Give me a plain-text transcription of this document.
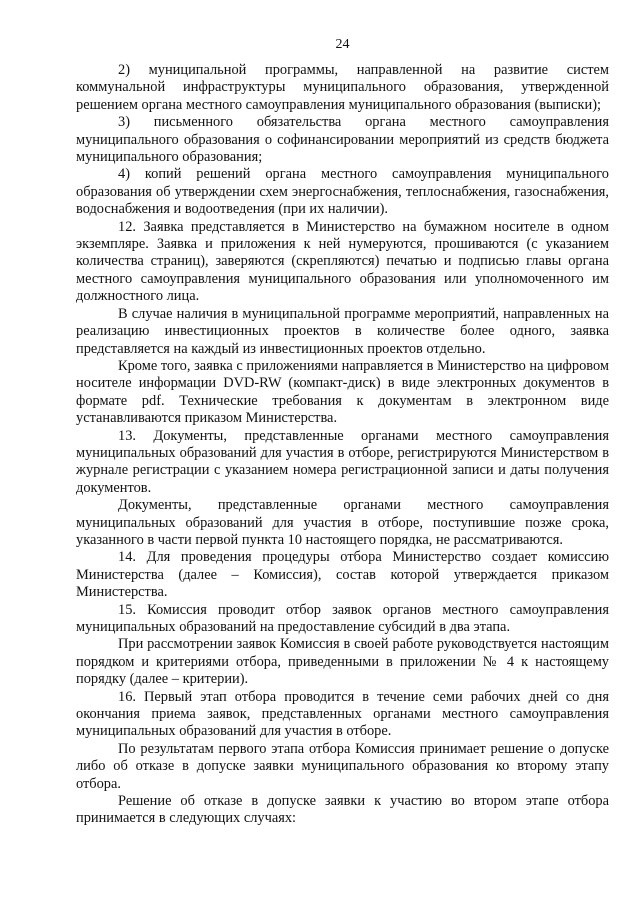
24

2) муниципальной программы, направленной на развитие систем коммунальной инфраструктуры муниципального образования, утвержденной решением органа местного самоуправления муниципального образования (выписки);

3) письменного обязательства органа местного самоуправления муниципального образования о софинансировании мероприятий из средств бюджета муниципального образования;

4) копий решений органа местного самоуправления муниципального образования об утверждении схем энергоснабжения, теплоснабжения, газоснабжения, водоснабжения и водоотведения (при их наличии).

12. Заявка представляется в Министерство на бумажном носителе в одном экземпляре. Заявка и приложения к ней нумеруются, прошиваются (с указанием количества страниц), заверяются (скрепляются) печатью и подписью главы органа местного самоуправления муниципального образования или уполномоченного им должностного лица.

В случае наличия в муниципальной программе мероприятий, направленных на реализацию инвестиционных проектов в количестве более одного, заявка представляется на каждый из инвестиционных проектов отдельно.

Кроме того, заявка с приложениями направляется в Министерство на цифровом носителе информации DVD-RW (компакт-диск) в виде электронных документов в формате pdf. Технические требования к документам в электронном виде устанавливаются приказом Министерства.

13. Документы, представленные органами местного самоуправления муниципальных образований для участия в отборе, регистрируются Министерством в журнале регистрации с указанием номера регистрационной записи и даты получения документов.

Документы, представленные органами местного самоуправления муниципальных образований для участия в отборе, поступившие позже срока, указанного в части первой пункта 10 настоящего порядка, не рассматриваются.

14. Для проведения процедуры отбора Министерство создает комиссию Министерства (далее – Комиссия), состав которой утверждается приказом Министерства.

15. Комиссия проводит отбор заявок органов местного самоуправления муниципальных образований на предоставление субсидий в два этапа.

При рассмотрении заявок Комиссия в своей работе руководствуется настоящим порядком и критериями отбора, приведенными в приложении № 4 к настоящему порядку (далее – критерии).

16. Первый этап отбора проводится в течение семи рабочих дней со дня окончания приема заявок, представленных органами местного самоуправления муниципальных образований для участия в отборе.

По результатам первого этапа отбора Комиссия принимает решение о допуске либо об отказе в допуске заявки муниципального образования ко второму этапу отбора.

Решение об отказе в допуске заявки к участию во втором этапе отбора принимается в следующих случаях:
